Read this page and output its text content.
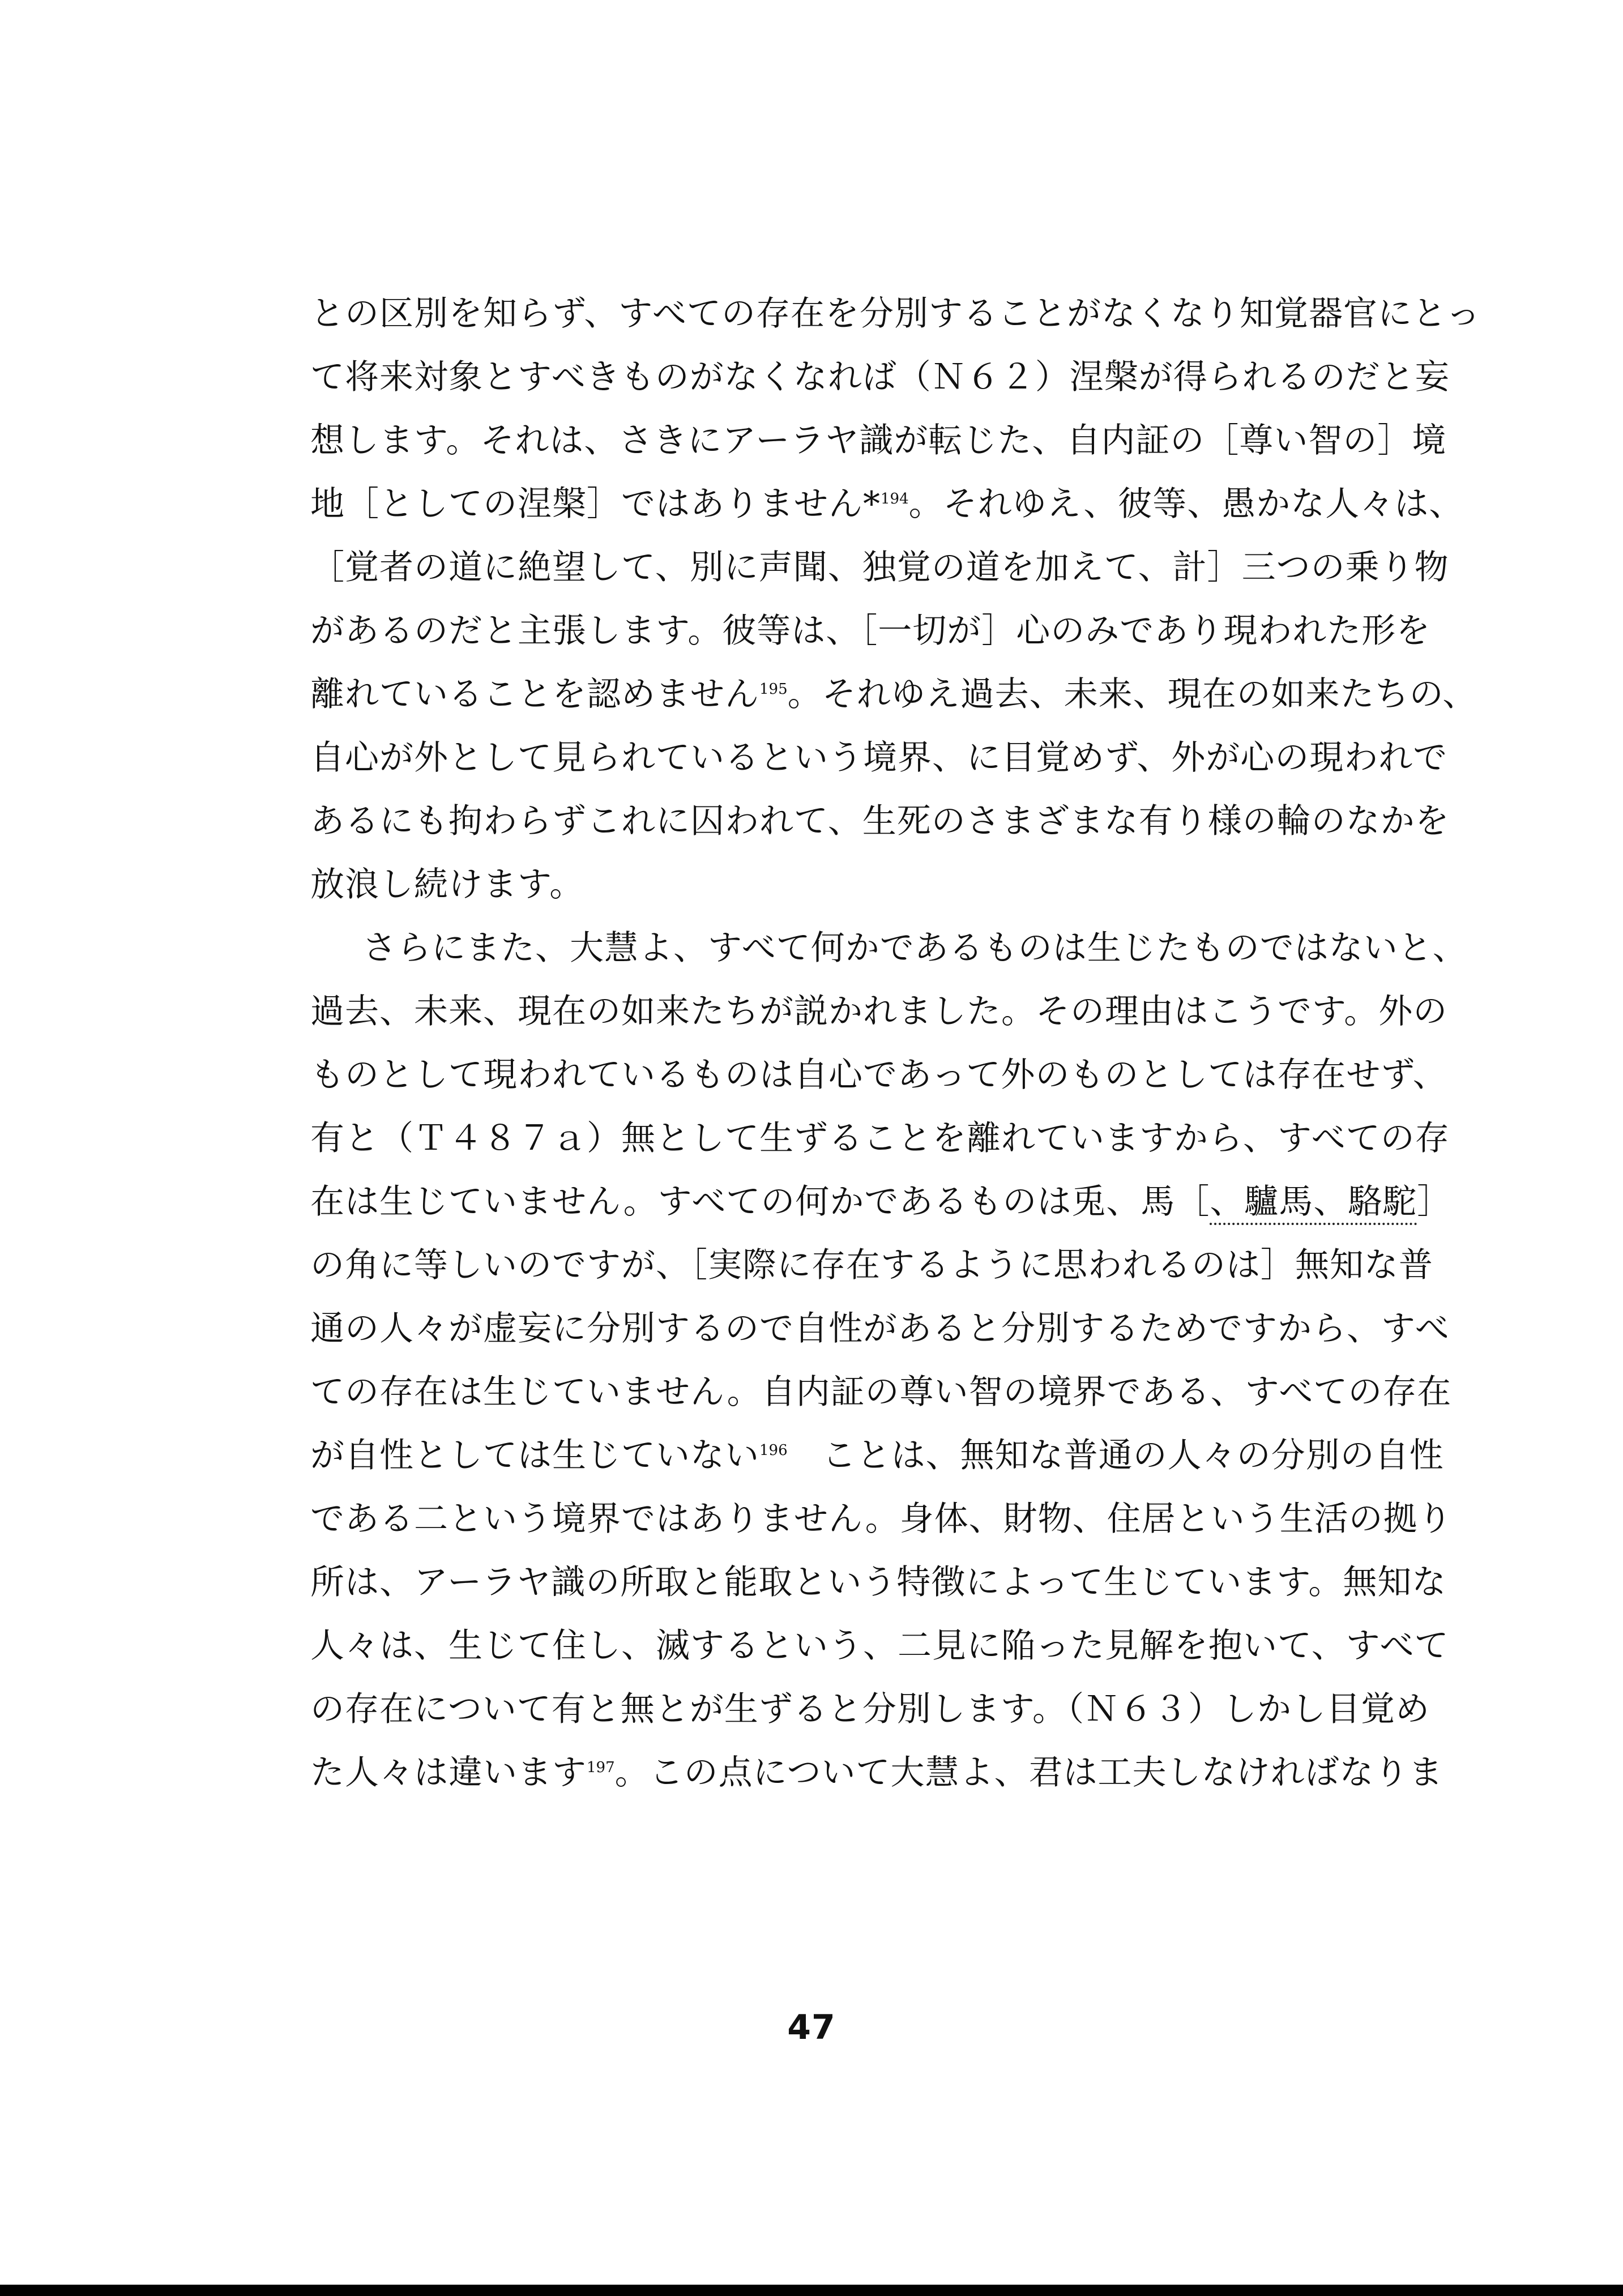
との区別を知らず、すべての存在を分別することがなくなり知覚器官にとっ
て将来対象とすべきものがなくなれば（Ｎ６２）涅槃が得られるのだと妄
想します。それは、さきにアーラヤ識が転じた、自内証の［尊い智の］境
地［としての涅槃］ではありません*$^{194}$。それゆえ、彼等、愚かな人々は、
［覚者の道に絶望して、別に声聞、独覚の道を加えて、計］三つの乗り物
があるのだと主張します。彼等は、［一切が］心のみであり現われた形を
離れていることを認めません$^{195}$。それゆえ過去、未来、現在の如来たちの、
自心が外として見られているという境界、に目覚めず、外が心の現われで
あるにも拘わらずこれに囚われて、生死のさまざまな有り様の輪のなかを
放浪し続けます。
さらにまた、大慧よ、すべて何かであるものは生じたものではないと、
過去、未来、現在の如来たちが説かれました。その理由はこうです。外の
ものとして現われているものは自心であって外のものとしては存在せず、
有と（Ｔ４８７ａ）無として生ずることを離れていますから、すべての存
在は生じていません。すべての何かであるものは兎、馬［、驢馬、駱駝］
の角に等しいのですが、［実際に存在するように思われるのは］無知な普
通の人々が虚妄に分別するので自性があると分別するためですから、すべ
ての存在は生じていません。自内証の尊い智の境界である、すべての存在
が自性としては生じていない$^{196}$　ことは、無知な普通の人々の分別の自性
である二という境界ではありません。身体、財物、住居という生活の拠り
所は、アーラヤ識の所取と能取という特徴によって生じています。無知な
人々は、生じて住し、滅するという、二見に陥った見解を抱いて、すべて
の存在について有と無とが生ずると分別します。（Ｎ６３）しかし目覚め
た人々は違います$^{197}$。この点について大慧よ、君は工夫しなければなりま
47
